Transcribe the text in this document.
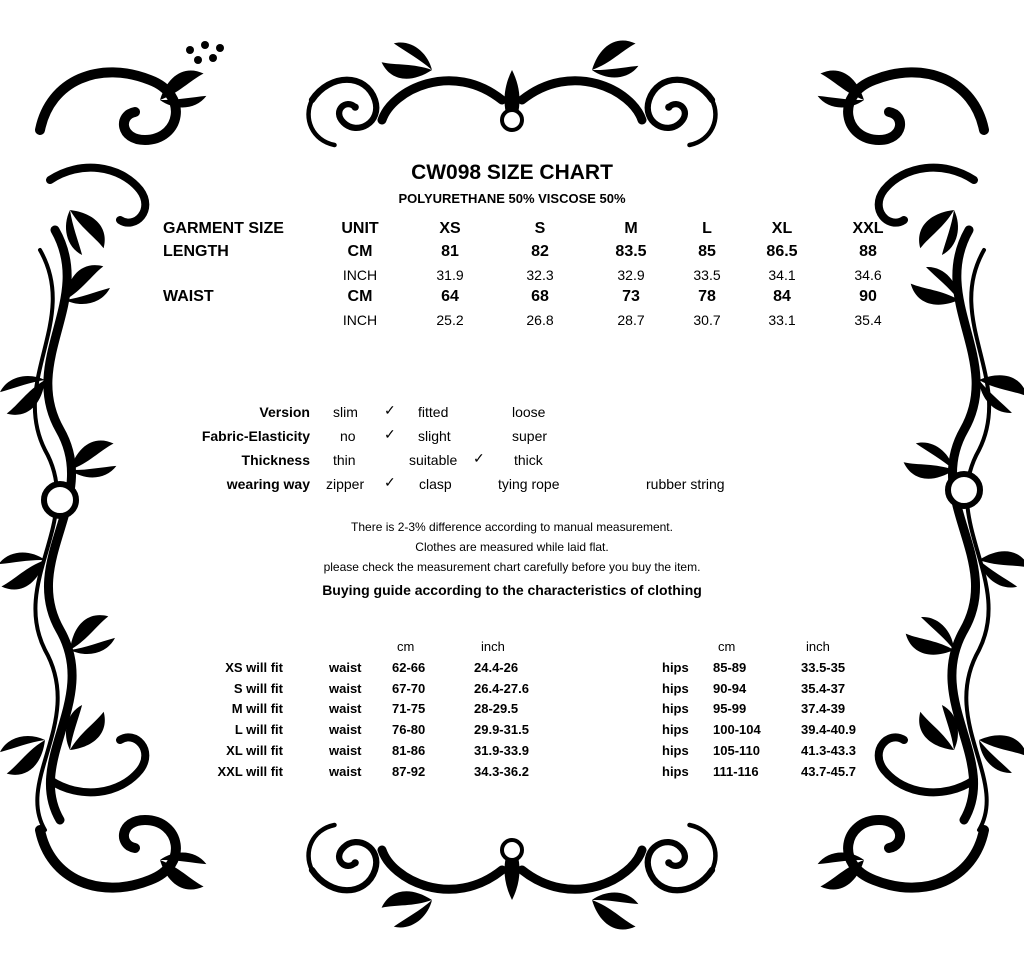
CW098 SIZE CHART
POLYURETHANE 50% VISCOSE 50%
GARMENT SIZE	UNIT	XS	S	M	L	XL	XXL
LENGTH	CM	81	82	83.5	85	86.5	88
INCH	31.9	32.3	32.9	33.5	34.1	34.6
WAIST	CM	64	68	73	78	84	90
INCH	25.2	26.8	28.7	30.7	33.1	35.4
Version slim ✓ fitted	loose
Fabric-Elasticity no ✓ slight	super
Thickness thin	suitable ✓ thick
wearing way zipper ✓ clasp	tying rope	rubber string
There is 2-3% difference according to manual measurement.
Clothes are measured while laid flat.
please check the measurement chart carefully before you buy the item.
Buying guide according to the characteristics of clothing
cm	inch	cm	inch
XS will fit	waist 62-66	24.4-26	hips 85-89	33.5-35
S will fit	waist 67-70	26.4-27.6	hips 90-94	35.4-37
M will fit	waist 71-75	28-29.5	hips 95-99	37.4-39
L will fit	waist 76-80	29.9-31.5	hips 100-104	39.4-40.9
XL will fit	waist 81-86	31.9-33.9	hips 105-110	41.3-43.3
XXL will fit	waist 87-92	34.3-36.2	hips 111-116	43.7-45.7
